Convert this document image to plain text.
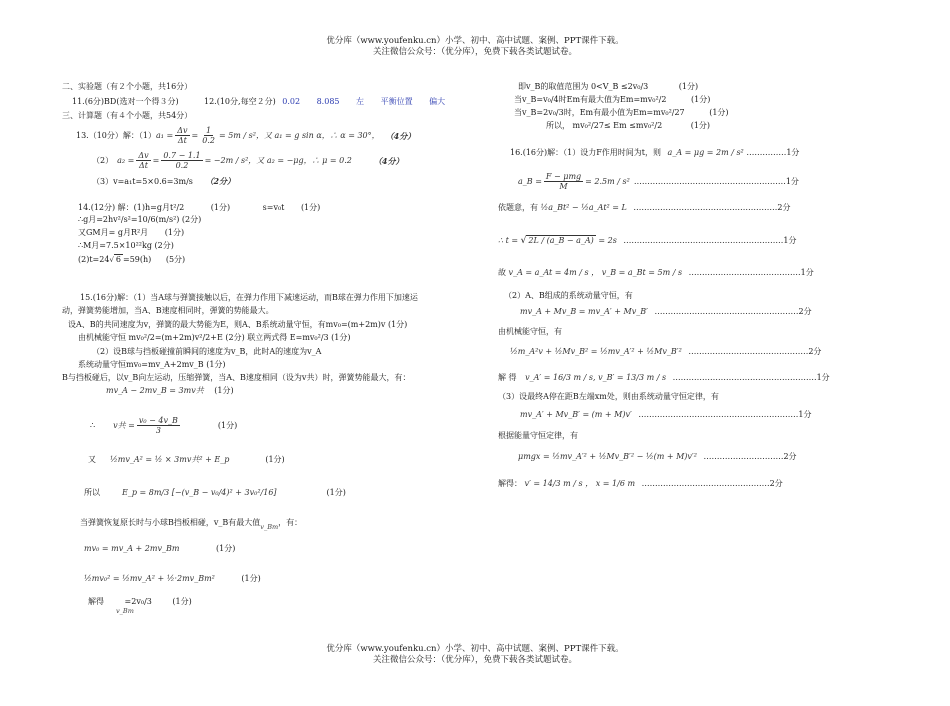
优分库（www.youfenku.cn）小学、初中、高中试题、案例、PPT课件下载。
关注微信公众号：（优分库），免费下载各类试题试卷。
二、实验题（有２个小题，共16分）
11.(6分)BD(选对一个得３分)	12.(10分,每空２分) 0.02 8.085 左 平衡位置 偏大
三、计算题（有４个小题，共54分）
13.（10分）解：（1） $a_1 = \frac{\Delta v}{\Delta t} = \frac{1}{0.2} = 5m / s^2$，又 a₁ = g sin α，∴ α = 30°， （4分）
（2） $a_2 = \frac{\Delta v}{\Delta t} = \frac{0.7 - 1.1}{0.2} = -2m / s^2$，又 a₂ = −μg，∴ μ = 0.2	（4分）
（3）v=a₁t=5×0.6=3m/s （2分）
14.(12分) 解：(1)h=g月t²/2	(1分)	s=v₀t (1分)
∴g月=2hv²/s²=10/6(m/s²) (2分)
又GM月= g月R²月 (1分)
∴M月=7.5×10²²kg (2分)
(2)t=24√ 6 =59(h) (5分)
15.(16分)解：（1）当A球与弹簧接触以后，在弹力作用下减速运动，而B球在弹力作用下加速运
动，弹簧势能增加，当A、B速度相同时，弹簧的势能最大。
设A、B的共同速度为v，弹簧的最大势能为E，则A、B系统动量守恒，有mv₀=(m+2m)v (1分)
由机械能守恒 mv₀²/2=(m+2m)v²/2+E (2分) 联立两式得 E=mv₀²/3 (1分)
（2）设B球与挡板碰撞前瞬间的速度为v_B，此时A的速度为v_A
系统动量守恒mv₀=mv_A+2mv_B (1分)
B与挡板碰后，以v_B向左运动，压缩弹簧，当A、B速度相同（设为v共）时，弹簧势能最大，有：
mv_A − 2mv_B = 3mv共 (1分)
∴ v共 = $\frac{\text{v₀ − 4v\_B}}{3}$	(1分)
又 ½mv_A² = ½ × 3mv共² + E_p	(1分)
所以	E_p = 8m/3 [−(v_B − v₀/4)² + 3v₀²/16]	(1分)
当弹簧恢复原长时与小球B挡板相碰，v_B有最大值$_{v\_Bm}$，有：
mv₀ = mv_A + 2mv_Bm	(1分)
½mv₀² = ½mv_A² + ½·2mv_Bm²	(1分)
解得	=2v₀/3	(1分)
v_Bm
即v_B的取值范围为 0<V_B ≤2v₀/3	(1分)
当v_B=v₀/4时Em有最大值为Em=mv₀²/2	(1分)
当v_B=2v₀/3时，Em有最小值为Em=mv₀²/27	(1分)
所以， mv₀²/27≤ Em ≤mv₀²/2	(1分)
16.(16分)解：（1）设力F作用时间为t，则 a_A = μg = 2m / s² ……………1分
a_B = F − μmg
M
= 2.5m / s² …………………………………………………1分
依题意，有 ½a_Bt² − ½a_At² = L ………………………………………………2分
∴ t = √ 2L / (a_B − a_A) = 2s ……………………………………………………1分
故 v_A = a_At = 4m / s ， v_B = a_Bt = 5m / s ……………………………………1分
（2）A、B组成的系统动量守恒，有
mv_A + Mv_B = mv_A′ + Mv_B′ ………………………………………………2分
由机械能守恒，有
½m_A²v + ½Mv_B² = ½mv_A′² + ½Mv_B′² ………………………………………2分
解 得 v_A′ = 16/3 m / s, v_B′ = 13/3 m / s ………………………………………………1分
（3）设最终A停在距B左端xm处，则由系统动量守恒定律，有
mv_A′ + Mv_B′ = (m + M)v′ ……………………………………………………1分
根据能量守恒定律，有
μmgx = ½mv_A′² + ½Mv_B′² − ½(m + M)v′² …………………………2分
解得： v′ = 14/3 m / s ， x = 1/6 m …………………………………………2分
优分库（www.youfenku.cn）小学、初中、高中试题、案例、PPT课件下载。
关注微信公众号：（优分库），免费下载各类试题试卷。
